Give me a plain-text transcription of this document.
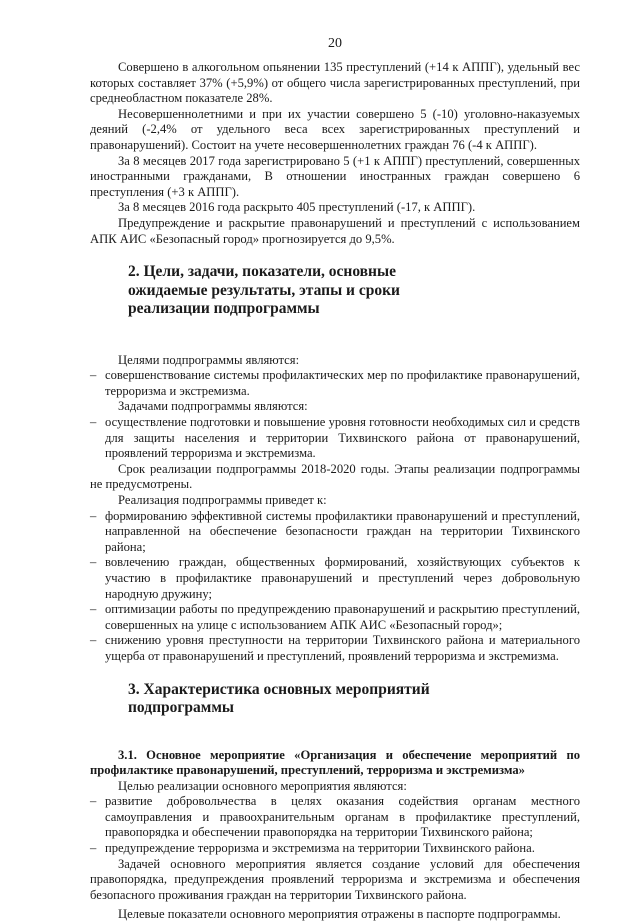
20

Совершено в алкогольном опьянении 135 преступлений (+14 к АППГ), удельный вес которых составляет 37% (+5,9%) от общего числа зарегистрированных преступлений, при среднеобластном показателе 28%.

Несовершеннолетними и при их участии совершено 5 (-10) уголовно-наказуемых деяний (-2,4% от удельного веса всех зарегистрированных преступлений и правонарушений). Состоит на учете несовершеннолетних граждан 76 (-4 к АППГ).

За 8 месяцев 2017 года зарегистрировано 5 (+1 к АППГ) преступлений, совершенных иностранными гражданами, В отношении иностранных граждан совершено 6 преступления (+3 к АППГ).

За 8 месяцев 2016 года раскрыто 405 преступлений (-17, к АППГ).

Предупреждение и раскрытие правонарушений и преступлений с использованием АПК АИС «Безопасный город» прогнозируется до 9,5%.

2. Цели, задачи, показатели, основные
ожидаемые результаты, этапы и сроки
реализации подпрограммы

Целями подпрограммы являются:

– совершенствование системы профилактических мер по профилактике правонарушений, терроризма и экстремизма.

Задачами подпрограммы являются:

– осуществление подготовки и повышение уровня готовности необходимых сил и средств для защиты населения и территории Тихвинского района от правонарушений, проявлений терроризма и экстремизма.

Срок реализации подпрограммы 2018-2020 годы. Этапы реализации подпрограммы не предусмотрены.

Реализация подпрограммы приведет к:

– формированию эффективной системы профилактики правонарушений и преступлений, направленной на обеспечение безопасности граждан на территории Тихвинского района;

– вовлечению граждан, общественных формирований, хозяйствующих субъектов к участию в профилактике правонарушений и преступлений через добровольную народную дружину;

– оптимизации работы по предупреждению правонарушений и раскрытию преступлений, совершенных на улице с использованием АПК АИС «Безопасный город»;

– снижению уровня преступности на территории Тихвинского района и материального ущерба от правонарушений и преступлений, проявлений терроризма и экстремизма.

3. Характеристика основных мероприятий
подпрограммы

3.1. Основное мероприятие «Организация и обеспечение мероприятий по профилактике правонарушений, преступлений, терроризма и экстремизма»

Целью реализации основного мероприятия являются:

– развитие добровольчества в целях оказания содействия органам местного самоуправления и правоохранительным органам в профилактике преступлений, правопорядка и обеспечении правопорядка на территории Тихвинского района;

– предупреждение терроризма и экстремизма на территории Тихвинского района.

Задачей основного мероприятия является создание условий для обеспечения правопорядка, предупреждения проявлений терроризма и экстремизма и обеспечения безопасного проживания граждан на территории Тихвинского района.

Целевые показатели основного мероприятия отражены в паспорте подпрограммы.
